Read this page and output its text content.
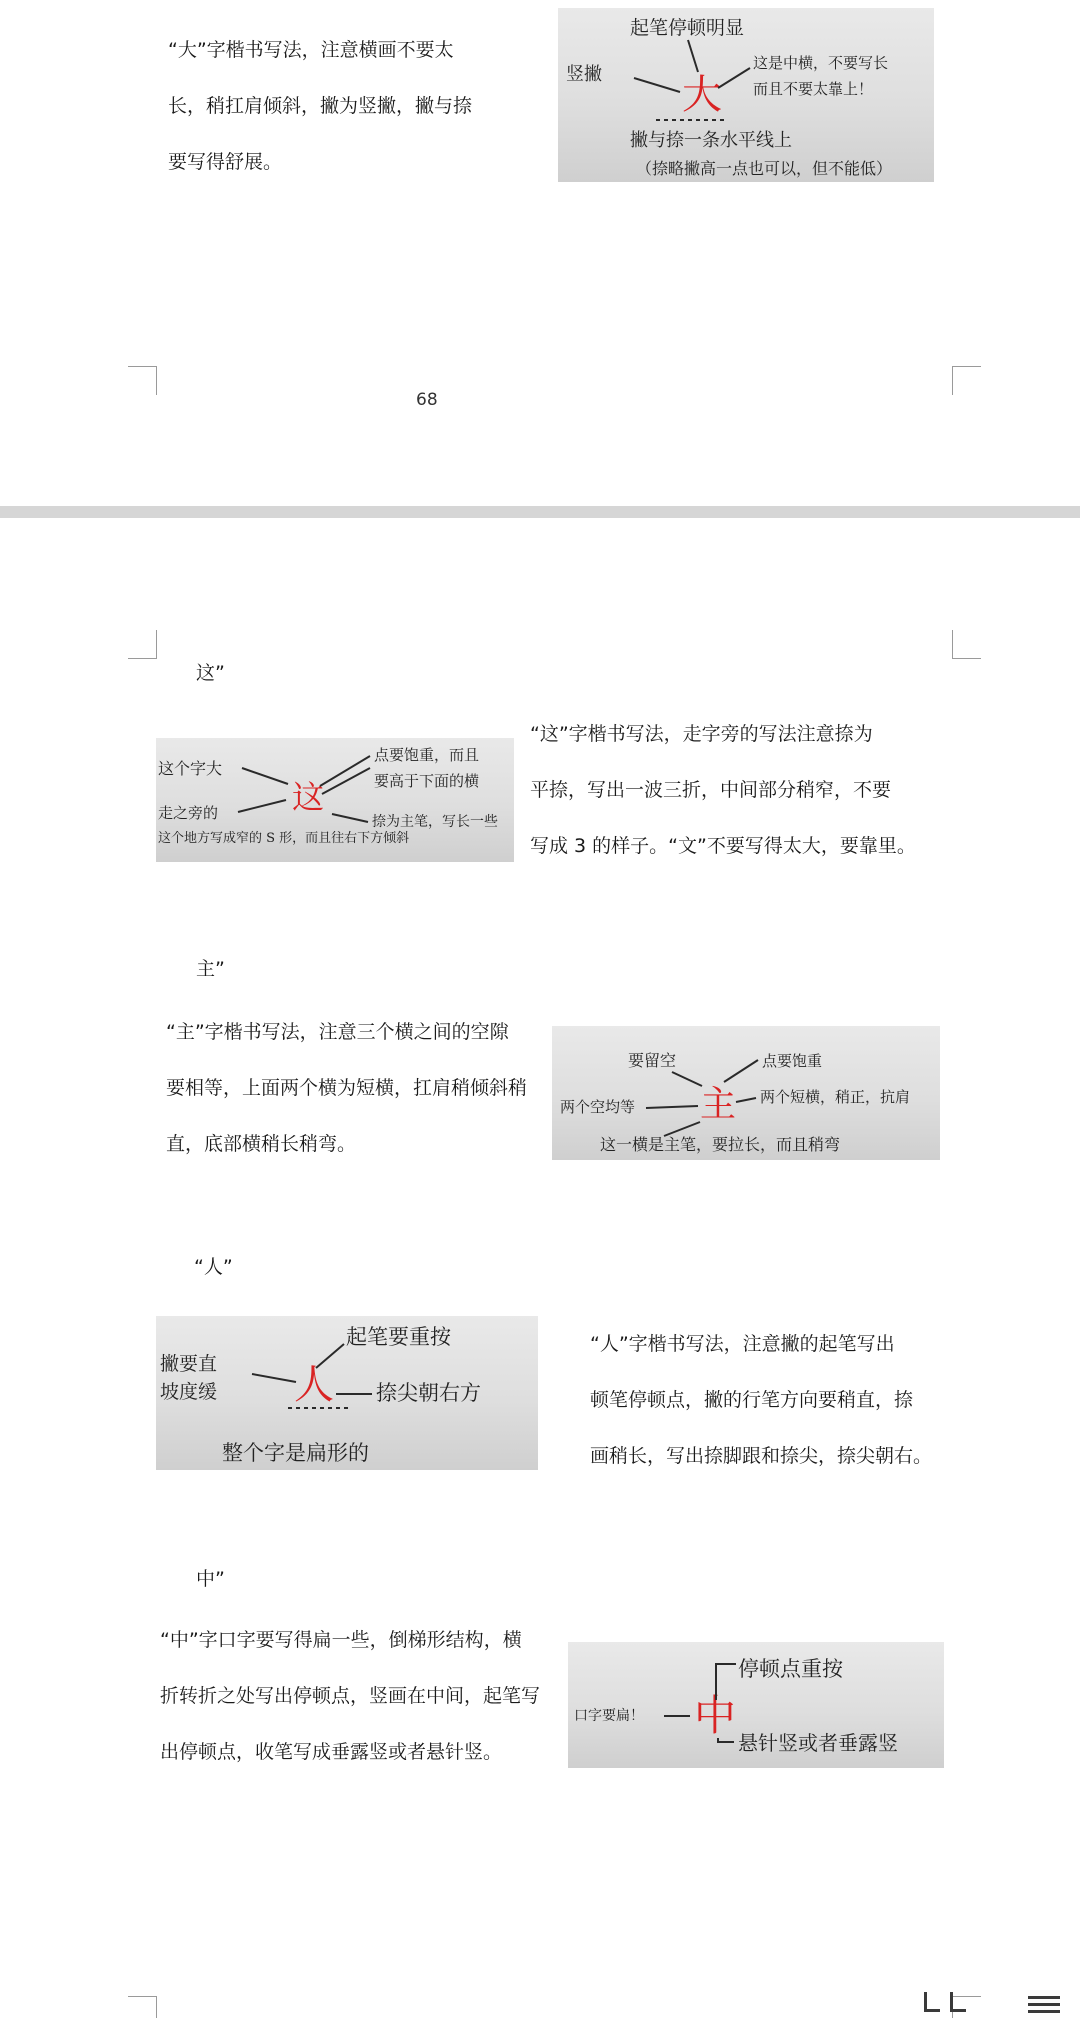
“大”字楷书写法，注意横画不要太
长，稍扛肩倾斜，撇为竖撇，撇与捺
要写得舒展。
起笔停顿明显
竖撇
这是中横，不要写长
而且不要太靠上！
撇与捺一条水平线上
（捺略撇高一点也可以，但不能低）
大
68
这”
这个字大
走之旁的
这个地方写成窄的 S 形，而且往右下方倾斜
点要饱重，而且
要高于下面的横
捺为主笔，写长一些
这
“这”字楷书写法，走字旁的写法注意捺为
平捺，写出一波三折，中间部分稍窄，不要
写成 3 的样子。“文”不要写得太大，要靠里。
主”
“主”字楷书写法，注意三个横之间的空隙
要相等，上面两个横为短横，扛肩稍倾斜稍
直，底部横稍长稍弯。
要留空	点要饱重
两个空均等
两个短横，稍正，抗肩
这一横是主笔，要拉长，而且稍弯
主
“人”
起笔要重按
撇要直
坡度缓	捺尖朝右方
整个字是扁形的
人
“人”字楷书写法，注意撇的起笔写出
顿笔停顿点，撇的行笔方向要稍直，捺
画稍长，写出捺脚跟和捺尖，捺尖朝右。
中”
“中”字口字要写得扁一些，倒梯形结构，横
折转折之处写出停顿点，竖画在中间，起笔写
出停顿点，收笔写成垂露竖或者悬针竖。
停顿点重按
口字要扁！
悬针竖或者垂露竖
中
